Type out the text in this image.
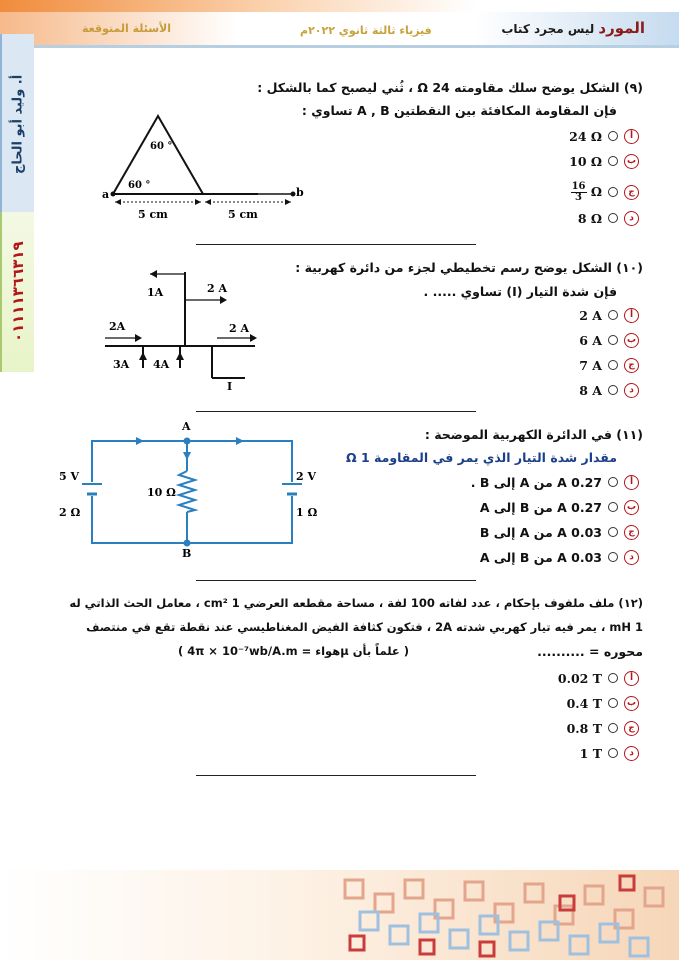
المورد ليس مجرد كتاب
فيزياء ثالثة ثانوي ٢٠٢٢م
الأسئلة المتوقعة
أ. وليد أبو الحاج
٠١١١١٣٦٦٣١٩
(٩) الشكل يوضح سلك مقاومته 24 Ω ، ثُني ليصبح كما بالشكل :
فإن المقاومة المكافئة بين النقطتين A , B تساوي :
60 °
60 °
a	b
5 cm	5 cm
أ
24 Ω
ب
10 Ω
ج
$\frac{16}{3}$ Ω
د
8 Ω
(١٠) الشكل يوضح رسم تخطيطي لجزء من دائرة كهربية :
فإن شدة التيار (I) تساوي ..... .
1A	2 A
2A	2 A
3A 4A
I
أ
2 A
ب
6 A
ج
7 A
د
8 A
(١١) في الدائرة الكهربية الموضحة :
مقدار شدة التيار الذي يمر في المقاومة 1 Ω
A
B
5 V
2 Ω
10 Ω
2 V
1 Ω
أ
0.27 A من A إلى B .
ب
0.27 A من B إلى A
ج
0.03 A من A إلى B
د
0.03 A من B إلى A
(١٢) ملف ملفوف بإحكام ، عدد لفاته 100 لفة ، مساحة مقطعه العرضي 1 cm² ، معامل الحث الذاتي له
1 mH ، يمر فيه تيار كهربي شدته 2A ، فتكون كثافة الفيض المغناطيسي عند نقطة تقع في منتصف
محوره = ..........
( علماً بأن μهواء = 4π × 10⁻⁷wb/A.m )
أ
0.02 T
ب
0.4 T
ج
0.8 T
د
1 T
